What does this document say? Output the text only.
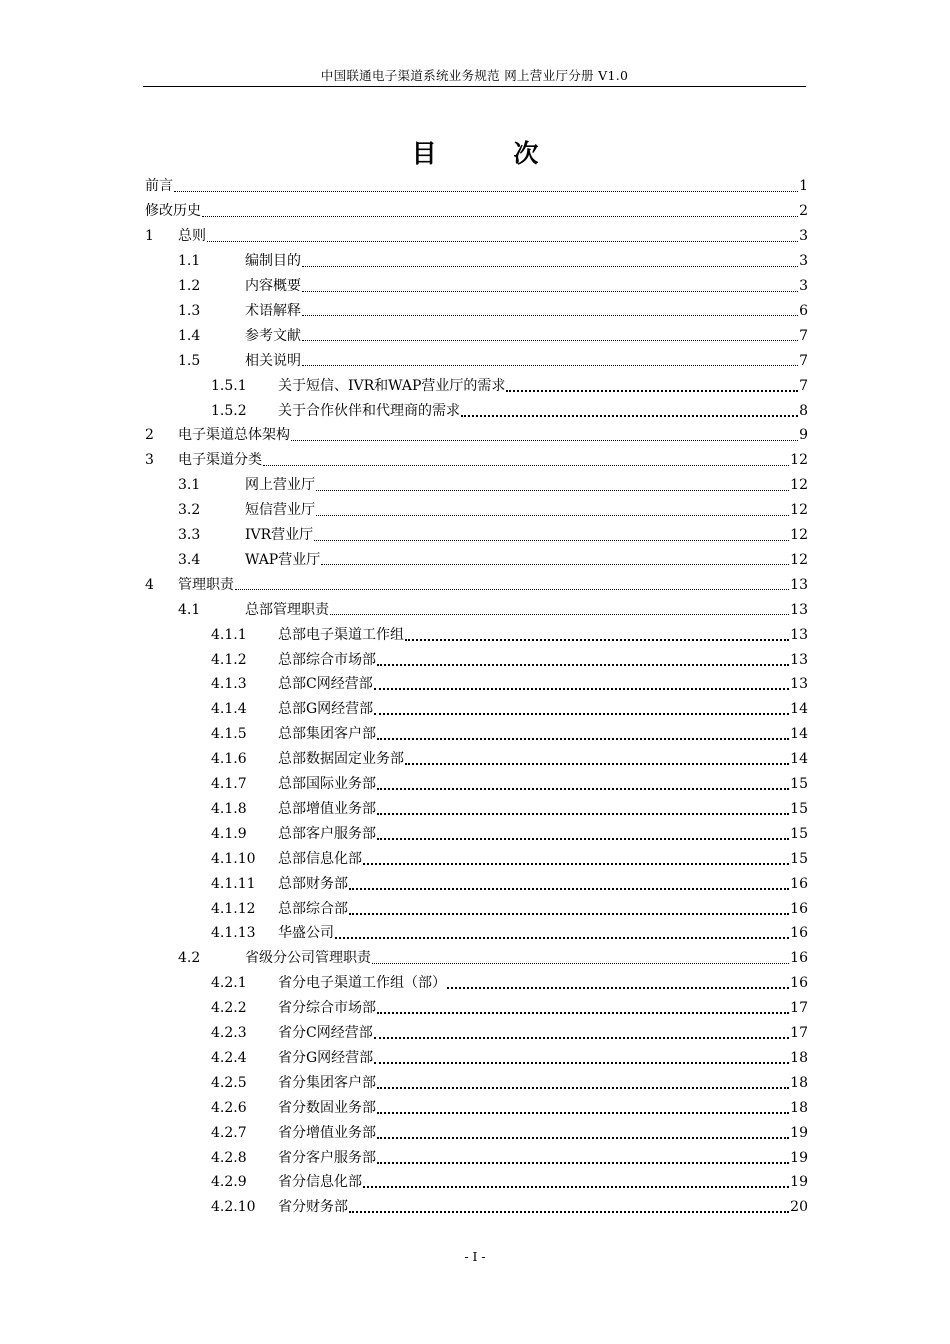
中国联通电子渠道系统业务规范 网上营业厅分册 V1.0
目 次
前言	1
修改历史	2
1	总则	3
1.1	编制目的	3
1.2	内容概要	3
1.3	术语解释	6
1.4	参考文献	7
1.5	相关说明	7
1.5.1	关于短信、IVR和WAP营业厅的需求	7
1.5.2	关于合作伙伴和代理商的需求	8
2	电子渠道总体架构	9
3	电子渠道分类	12
3.1	网上营业厅	12
3.2	短信营业厅	12
3.3	IVR营业厅	12
3.4	WAP营业厅	12
4	管理职责	13
4.1	总部管理职责	13
4.1.1	总部电子渠道工作组	13
4.1.2	总部综合市场部	13
4.1.3	总部C网经营部	13
4.1.4	总部G网经营部	14
4.1.5	总部集团客户部	14
4.1.6	总部数据固定业务部	14
4.1.7	总部国际业务部	15
4.1.8	总部增值业务部	15
4.1.9	总部客户服务部	15
4.1.10	总部信息化部	15
4.1.11	总部财务部	16
4.1.12	总部综合部	16
4.1.13	华盛公司	16
4.2	省级分公司管理职责	16
4.2.1	省分电子渠道工作组（部）	16
4.2.2	省分综合市场部	17
4.2.3	省分C网经营部	17
4.2.4	省分G网经营部	18
4.2.5	省分集团客户部	18
4.2.6	省分数固业务部	18
4.2.7	省分增值业务部	19
4.2.8	省分客户服务部	19
4.2.9	省分信息化部	19
4.2.10	省分财务部	20
- I -
